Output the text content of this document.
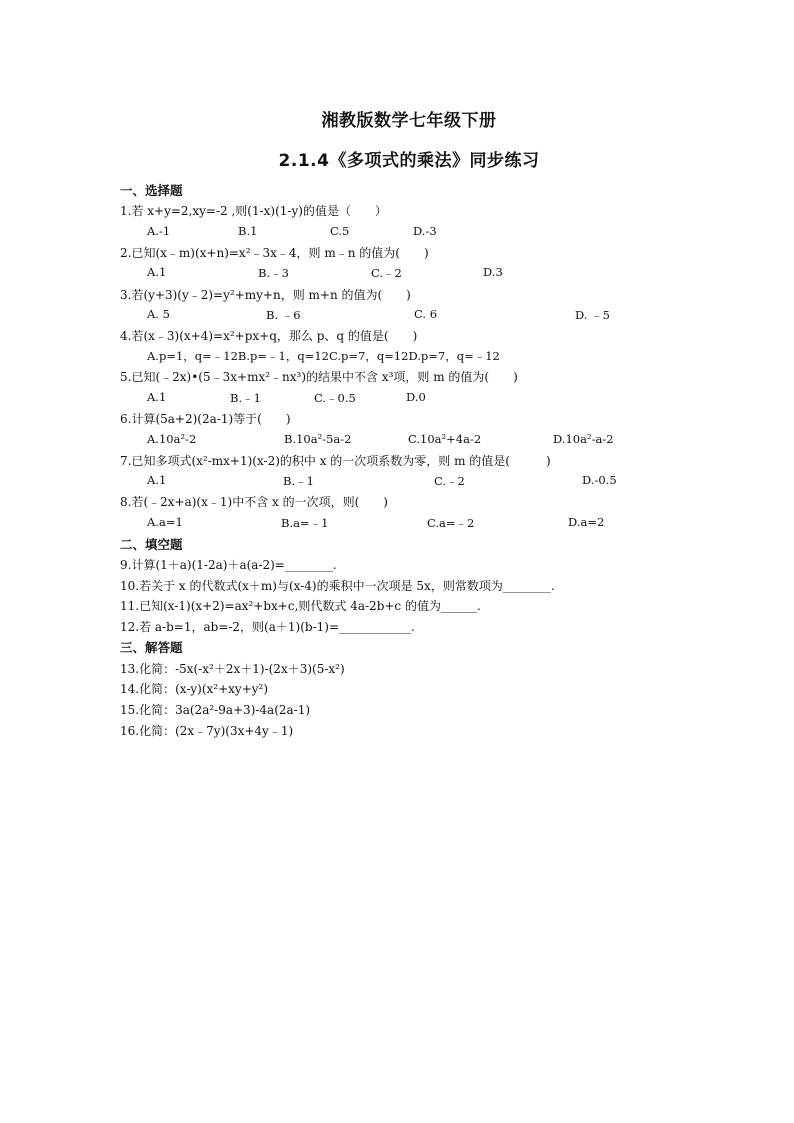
湘教版数学七年级下册
2.1.4《多项式的乘法》同步练习
一、选择题
1.若 x+y=2,xy=-2 ,则(1-x)(1-y)的值是（　　）
A.-1	B.1	C.5	D.-3
2.已知(x﹣m)(x+n)=x²﹣3x﹣4，则 m﹣n 的值为(　　)
A.1	B.﹣3	C.﹣2	D.3
3.若(y+3)(y﹣2)=y²+my+n，则 m+n 的值为(　　)
A. 5	B. ﹣6	C. 6	D. ﹣5
4.若(x﹣3)(x+4)=x²+px+q，那么 p、q 的值是(　　)
A.p=1，q=﹣12B.p=﹣1，q=12C.p=7，q=12D.p=7，q=﹣12
5.已知(﹣2x)•(5﹣3x+mx²﹣nx³)的结果中不含 x³项，则 m 的值为(　　)
A.1	B.﹣1	C.﹣0.5	D.0
6.计算(5a+2)(2a-1)等于(　　)
A.10a²-2	B.10a²-5a-2	C.10a²+4a-2	D.10a²-a-2
7.已知多项式(x²-mx+1)(x-2)的积中 x 的一次项系数为零，则 m 的值是(　　　)
A.1	B.﹣1	C.﹣2	D.-0.5
8.若(﹣2x+a)(x﹣1)中不含 x 的一次项，则(　　)
A.a=1	B.a=﹣1	C.a=﹣2	D.a=2
二、填空题
9.计算(1＋a)(1-2a)＋a(a-2)=________.
10.若关于 x 的代数式(x＋m)与(x-4)的乘积中一次项是 5x，则常数项为________.
11.已知(x-1)(x+2)=ax²+bx+c,则代数式 4a-2b+c 的值为______.
12.若 a-b=1，ab=-2，则(a＋1)(b-1)=____________.
三、解答题
13.化简：-5x(-x²＋2x＋1)-(2x＋3)(5-x²)
14.化简：(x-y)(x²+xy+y²)
15.化简：3a(2a²-9a+3)-4a(2a-1)
16.化简：(2x﹣7y)(3x+4y﹣1)
